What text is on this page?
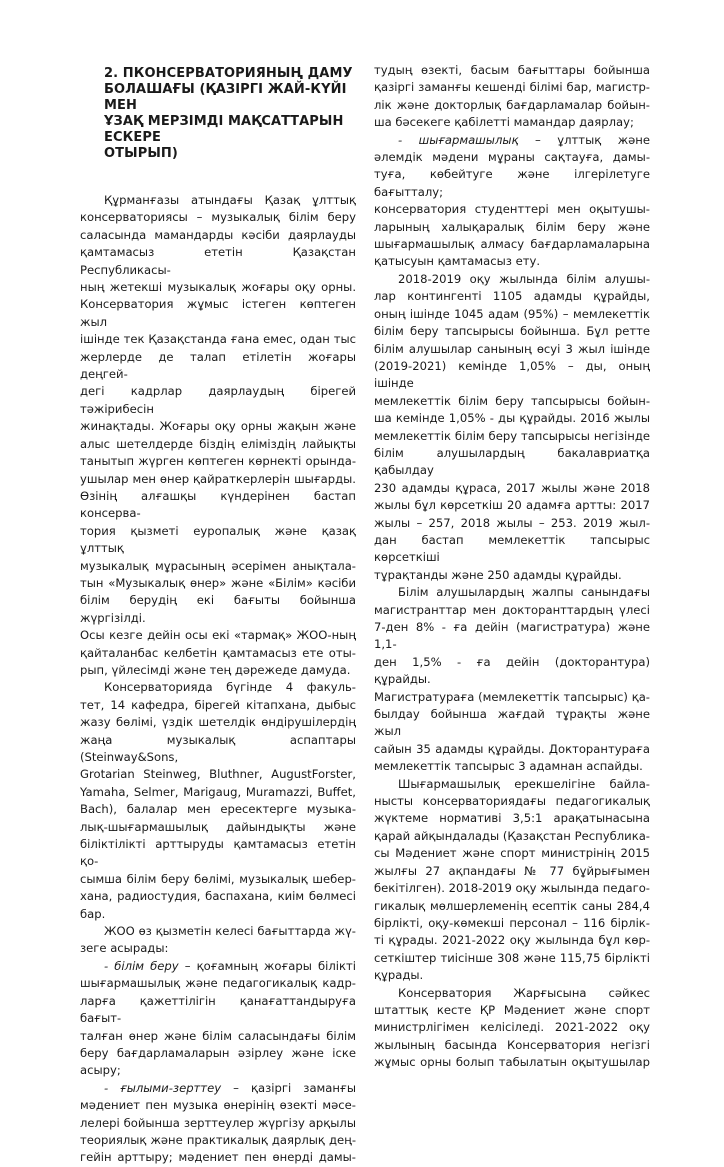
2. ПКОНСЕРВАТОРИЯНЫҢ ДАМУ
БОЛАШАҒЫ (ҚАЗІРГІ ЖАЙ-КҮЙІ МЕН
ҰЗАҚ МЕРЗІМДІ МАҚСАТТАРЫН ЕСКЕРЕ
ОТЫРЫП)
Құрманғазы атындағы Қазақ ұлттық
консерваториясы – музыкалық білім беру
саласында мамандарды кәсіби даярлауды
қамтамасыз ететін Қазақстан Республикасы-
ның жетекші музыкалық жоғары оқу орны.
Консерватория жұмыс істеген көптеген жыл
ішінде тек Қазақстанда ғана емес, одан тыс
жерлерде де талап етілетін жоғары деңгей-
дегі кадрлар даярлаудың бірегей тәжірибесін
жинақтады. Жоғары оқу орны жақын және
алыс шетелдерде біздің еліміздің лайықты
танытып жүрген көптеген көрнекті орында-
ушылар мен өнер қайраткерлерін шығарды.
Өзінің алғашқы күндерінен бастап консерва-
тория қызметі еуропалық және қазақ ұлттық
музыкалық мұрасының әсерімен анықтала-
тын «Музыкалық өнер» және «Білім» кәсіби
білім берудің екі бағыты бойынша жүргізілді.
Осы кезге дейін осы екі «тармақ» ЖОО-ның
қайталанбас келбетін қамтамасыз ете оты-
рып, үйлесімді және тең дәрежеде дамуда.
Консерваторияда бүгінде 4 факуль-
тет, 14 кафедра, бірегей кітапхана, дыбыс
жазу бөлімі, үздік шетелдік өндірушілердің
жаңа музыкалық аспаптары (Steinway&Sons,
Grotarian Steinweg, Bluthner, AugustForster,
Yamaha, Selmer, Marigaug, Muramazzi, Buffet,
Bach), балалар мен ересектерге музыка-
лық-шығармашылық дайындықты және
біліктілікті арттыруды қамтамасыз ететін қо-
сымша білім беру бөлімі, музыкалық шебер-
хана, радиостудия, баспахана, киім бөлмесі
бар.
ЖОО өз қызметін келесі бағыттарда жү-
зеге асырады:
- білім беру – қоғамның жоғары білікті
шығармашылық және педагогикалық кадр-
ларға қажеттілігін қанағаттандыруға бағыт-
талған өнер және білім саласындағы білім
беру бағдарламаларын әзірлеу және іске
асыру;
- ғылыми-зерттеу – қазіргі заманғы
мәдениет пен музыка өнерінің өзекті мәсе-
лелері бойынша зерттеулер жүргізу арқылы
теориялық және практикалық даярлық дең-
гейін арттыру; мәдениет пен өнерді дамы-
тудың өзекті, басым бағыттары бойынша
қазіргі заманғы кешенді білімі бар, магистр-
лік және докторлық бағдарламалар бойын-
ша бәсекеге қабілетті мамандар даярлау;
- шығармашылық – ұлттық және
әлемдік мәдени мұраны сақтауға, дамы-
туға, көбейтуге және ілгерілетуге бағытталу;
консерватория студенттері мен оқытушы-
ларының халықаралық білім беру және
шығармашылық алмасу бағдарламаларына
қатысуын қамтамасыз ету.
2018-2019 оқу жылында білім алушы-
лар контингенті 1105 адамды құрайды,
оның ішінде 1045 адам (95%) – мемлекеттік
білім беру тапсырысы бойынша. Бұл ретте
білім алушылар санының өсуі 3 жыл ішінде
(2019-2021) кемінде 1,05% – ды, оның ішінде
мемлекеттік білім беру тапсырысы бойын-
ша кемінде 1,05% - ды құрайды. 2016 жылы
мемлекеттік білім беру тапсырысы негізінде
білім алушылардың бакалавриатқа қабылдау
230 адамды құраса, 2017 жылы және 2018
жылы бұл көрсеткіш 20 адамға артты: 2017
жылы – 257, 2018 жылы – 253. 2019 жыл-
дан бастап мемлекеттік тапсырыс көрсеткіші
тұрақтанды және 250 адамды құрайды.
Білім алушылардың жалпы санындағы
магистранттар мен докторанттардың үлесі
7-ден 8% - ға дейін (магистратура) және 1,1-
ден 1,5% - ға дейін (докторантура) құрайды.
Магистратураға (мемлекеттік тапсырыс) қа-
былдау бойынша жағдай тұрақты және жыл
сайын 35 адамды құрайды. Докторантураға
мемлекеттік тапсырыс 3 адамнан аспайды.
Шығармашылық ерекшелігіне байла-
нысты консерваториядағы педагогикалық
жүктеме нормативі 3,5:1 арақатынасына
қарай айқындалады (Қазақстан Республика-
сы Мәдениет және спорт министрінің 2015
жылғы 27 ақпандағы № 77 бұйрығымен
бекітілген). 2018-2019 оқу жылында педаго-
гикалық мөлшерлеменің есептік саны 284,4
бірлікті, оқу-көмекші персонал – 116 бірлік-
ті құрады. 2021-2022 оқу жылында бұл көр-
сеткіштер тиісінше 308 және 115,75 бірлікті
құрады.
Консерватория Жарғысына сәйкес
штаттық кесте ҚР Мәдениет және спорт
министрлігімен келісіледі. 2021-2022 оқу
жылының басында Консерватория негізгі
жұмыс орны болып табылатын оқытушылар
